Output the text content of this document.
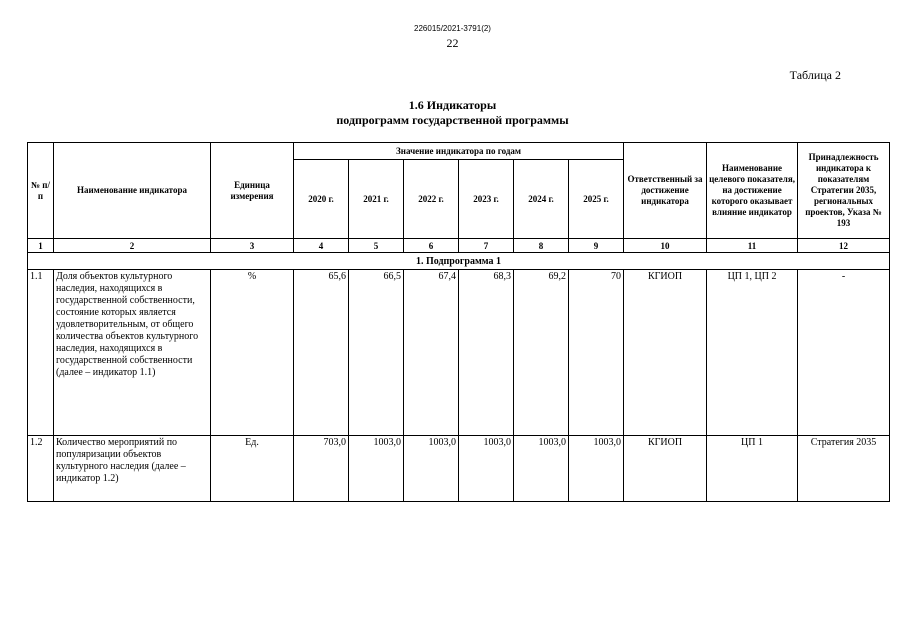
226015/2021-3791(2)
22
Таблица 2
1.6 Индикаторы
подпрограмм государственной программы
№ п/п	Наименование индикатора	Единица измерения	Значение индикатора по годам						Ответственный за достижение индикатора	Наименование целевого показателя, на достижение которого оказывает влияние индикатор	Принадлежность индикатора к показателям Стратегии 2035, региональных проектов, Указа № 193
			2020 г.	2021 г.	2022 г.	2023 г.	2024 г.	2025 г.			
1	2	3	4	5	6	7	8	9	10	11	12
1. Подпрограмма 1											
1.1	Доля объектов культурного наследия, находящихся в государственной собственности, состояние которых является удовлетворительным, от общего количества объектов культурного наследия, находящихся в государственной собственности (далее – индикатор 1.1)	%	65,6	66,5	67,4	68,3	69,2	70	КГИОП	ЦП 1, ЦП 2	-
1.2	Количество мероприятий по популяризации объектов культурного наследия (далее – индикатор 1.2)	Ед.	703,0	1003,0	1003,0	1003,0	1003,0	1003,0	КГИОП	ЦП 1	Стратегия 2035
